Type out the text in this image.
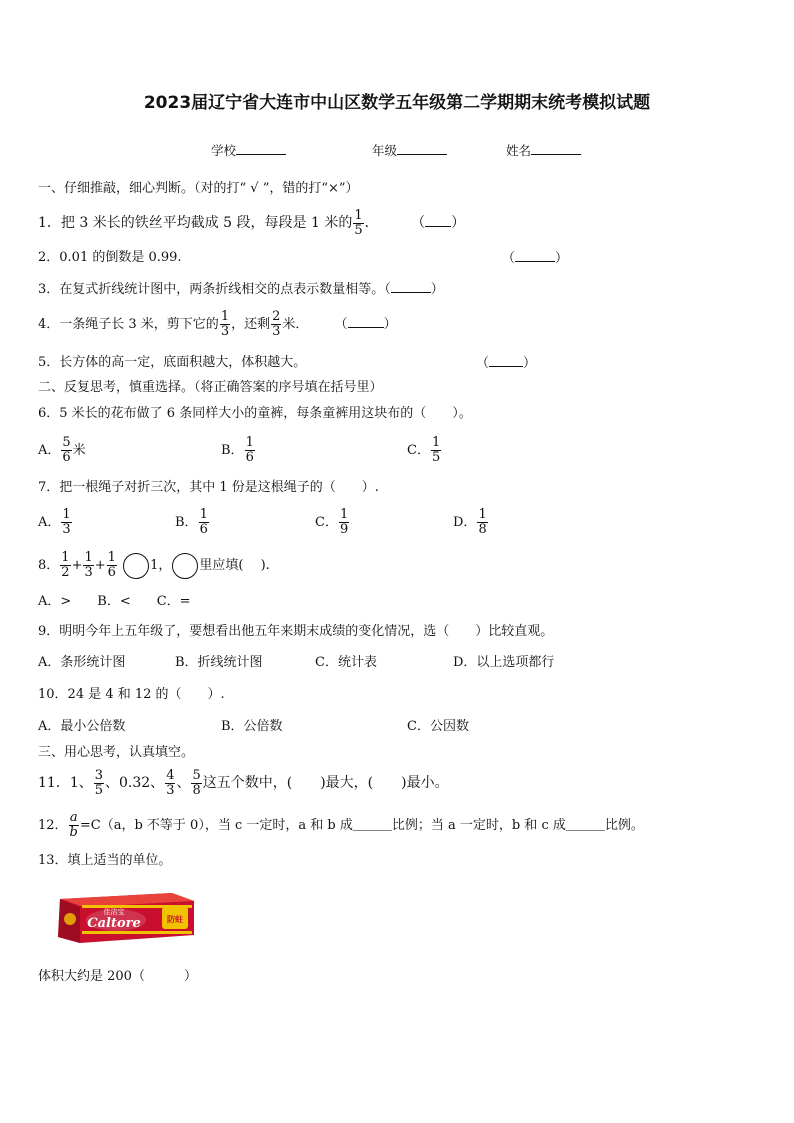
2023届辽宁省大连市中山区数学五年级第二学期期末统考模拟试题
学校	年级	姓名
一、仔细推敲，细心判断。（对的打“ √ ”，错的打“×”）
1．把 3 米长的铁丝平均截成 5 段，每段是 1 米的 $\frac{1}{5}$ ． （ ）
2．0.01 的倒数是 0.99.	（	）
3．在复式折线统计图中，两条折线相交的点表示数量相等。（	）
4．一条绳子长 3 米，剪下它的 $\frac{1}{3}$ ，还剩 $\frac{2}{3}$ 米． （	）
5．长方体的高一定，底面积越大，体积越大。	（	）
二、反复思考，慎重选择。（将正确答案的序号填在括号里）
6．5 米长的花布做了 6 条同样大小的童裤，每条童裤用这块布的（　　）。
A． $\frac{5}{6}$ 米	B． $\frac{1}{6}$	C． $\frac{1}{5}$
7．把一根绳子对折三次，其中 1 份是这根绳子的（　　）.
A． $\frac{1}{3}$	B． $\frac{1}{6}$	C． $\frac{1}{9}$	D． $\frac{1}{8}$
8． $\frac{1}{2} + \frac{1}{3} + \frac{1}{6}$	1， 里应填(　 ).
A．>　　B．<　　C．=
9．明明今年上五年级了，要想看出他五年来期末成绩的变化情况，选（　　）比较直观。
A．条形统计图	B．折线统计图	C．统计表	D．以上选项都行
10．24 是 4 和 12 的（　　）.
A．最小公倍数	B．公倍数	C．公因数
三、用心思考，认真填空。
11．1、 $\frac{3}{5}$ 、0.32、 $\frac{4}{3}$ 、 $\frac{5}{8}$ 这五个数中，(　　)最大，(　　)最小。
12． $\frac{a}{b} =C(a$，b 不等于 0），当 c 一定时，a 和 b 成＿＿＿比例；当 a 一定时，b 和 c 成＿＿＿比例。
13．填上适当的单位。
防蛀
佳洁宝
Caltore
体积大约是 200（　　　）
